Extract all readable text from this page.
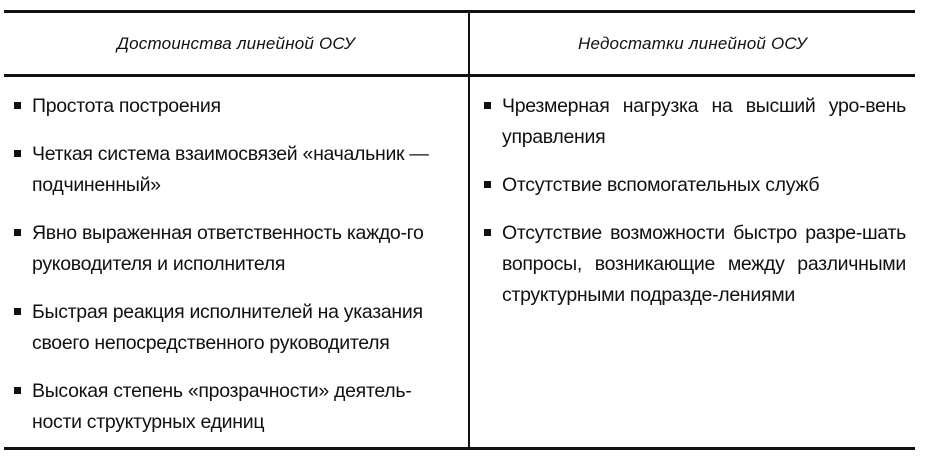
Достоинства линейной ОСУ	Недостатки линейной ОСУ
Простота построения
Четкая система взаимосвязей «начальник — подчиненный»
Явно выраженная ответственность каждо-го руководителя и исполнителя
Быстрая реакция исполнителей на указания своего непосредственного руководителя
Высокая степень «прозрачности» деятель-ности структурных единиц
Чрезмерная нагрузка на высший уро-вень управления
Отсутствие вспомогательных служб
Отсутствие возможности быстро разре-шать вопросы, возникающие между различными структурными подразде-лениями
